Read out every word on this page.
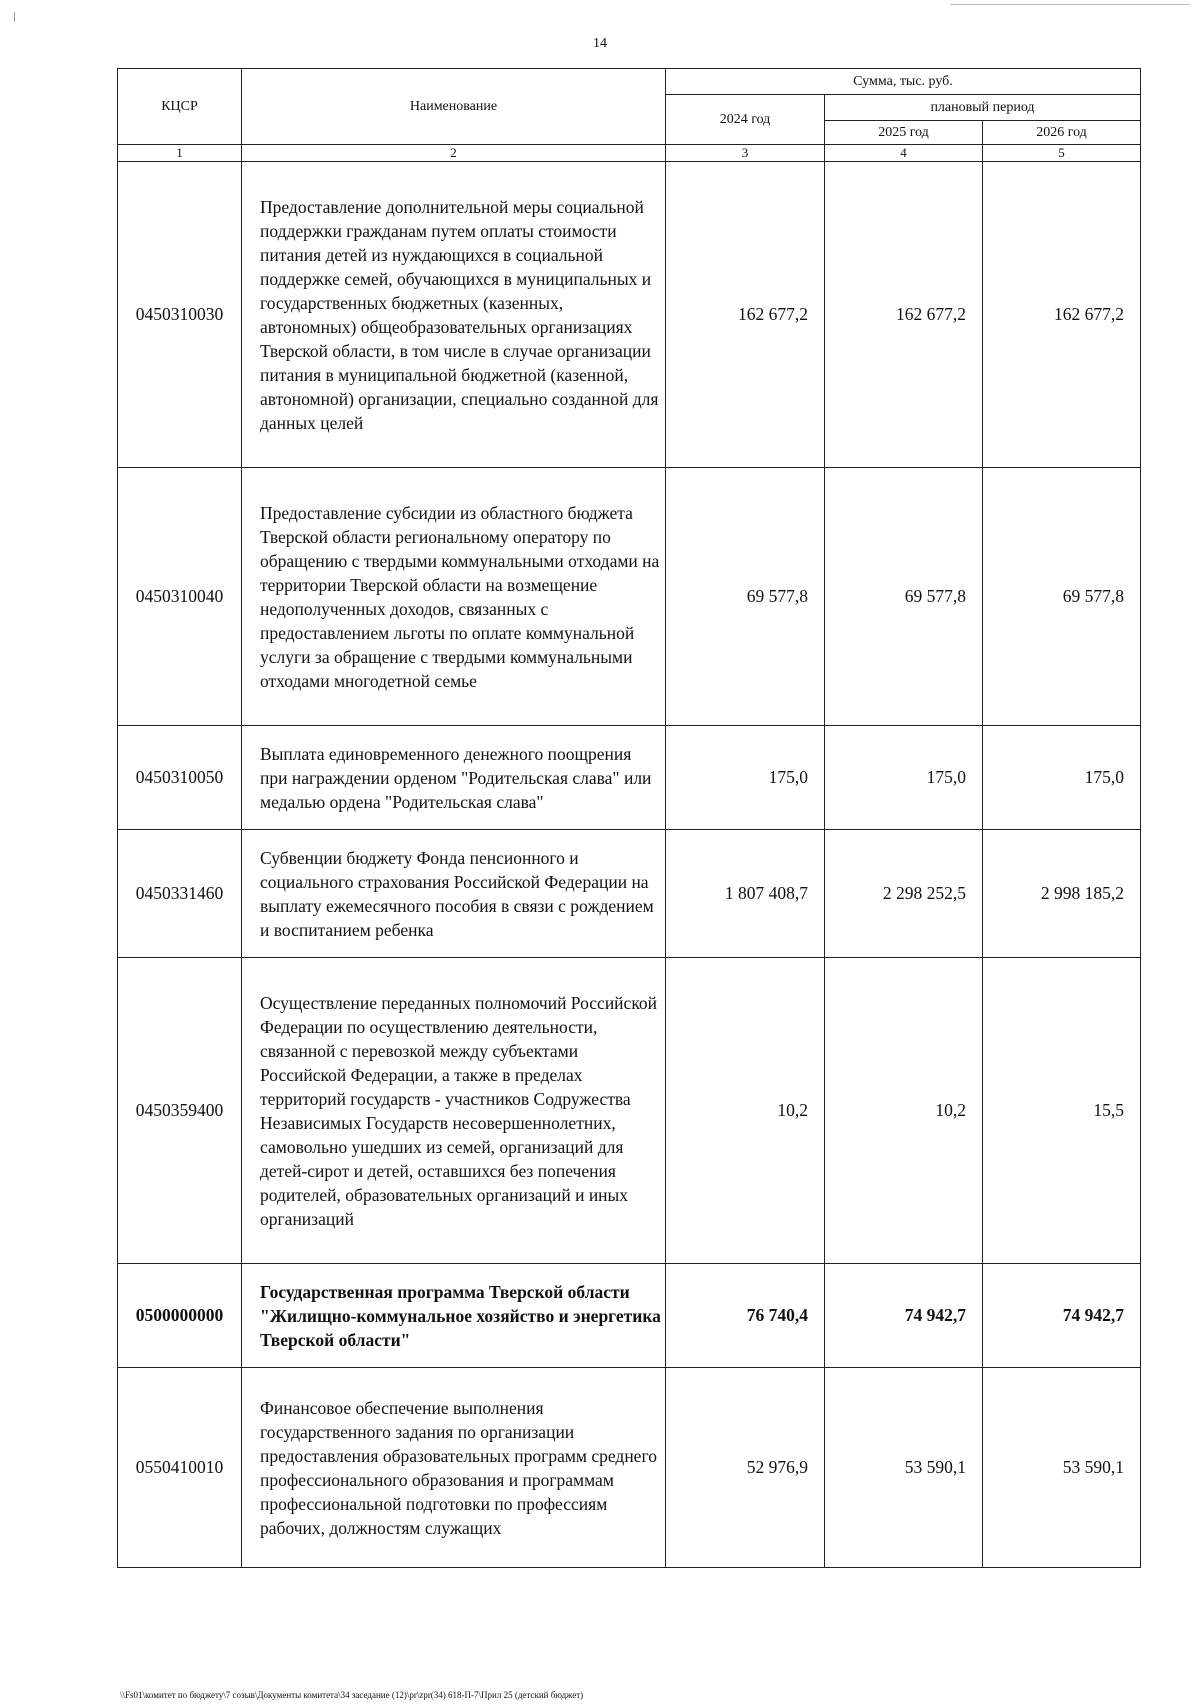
14
КЦСР	Наименование	Сумма, тыс. руб.		
		2024 год	плановый период	
			2025 год	2026 год
1	2	3	4	5
0450310030	Предоставление дополнительной меры социальной поддержки гражданам путем оплаты стоимости питания детей из нуждающихся в социальной поддержке семей, обучающихся в муниципальных и государственных бюджетных (казенных, автономных) общеобразовательных организациях Тверской области, в том числе в случае организации питания в муниципальной бюджетной (казенной, автономной) организации, специально созданной для данных целей	162 677,2	162 677,2	162 677,2
0450310040	Предоставление субсидии из областного бюджета Тверской области региональному оператору по обращению с твердыми коммунальными отходами на территории Тверской области на возмещение недополученных доходов, связанных с предоставлением льготы по оплате коммунальной услуги за обращение с твердыми коммунальными отходами многодетной семье	69 577,8	69 577,8	69 577,8
0450310050	Выплата единовременного денежного поощрения при награждении орденом "Родительская слава" или медалью ордена "Родительская слава"	175,0	175,0	175,0
0450331460	Субвенции бюджету Фонда пенсионного и социального страхования Российской Федерации на выплату ежемесячного пособия в связи с рождением и воспитанием ребенка	1 807 408,7	2 298 252,5	2 998 185,2
0450359400	Осуществление переданных полномочий Российской Федерации по осуществлению деятельности, связанной с перевозкой между субъектами Российской Федерации, а также в пределах территорий государств - участников Содружества Независимых Государств несовершеннолетних, самовольно ушедших из семей, организаций для детей-сирот и детей, оставшихся без попечения родителей, образовательных организаций и иных организаций	10,2	10,2	15,5
0500000000	Государственная программа Тверской области "Жилищно-коммунальное хозяйство и энергетика Тверской области"	76 740,4	74 942,7	74 942,7
0550410010	Финансовое обеспечение выполнения государственного задания по организации предоставления образовательных программ среднего профессионального образования и программам профессиональной подготовки по профессиям рабочих, должностям служащих	52 976,9	53 590,1	53 590,1
\\Fs01\комитет по бюджету\7 созыв\Документы комитета\34 заседание (12)\pr\zpr(34) 618-П-7\Прил 25 (детский бюджет)
